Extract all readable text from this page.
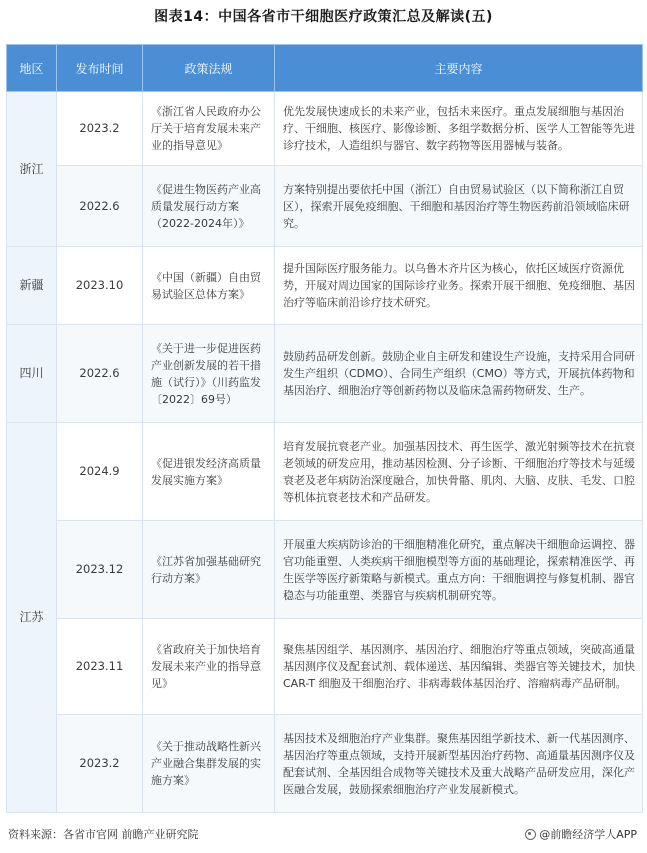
图表14：中国各省市干细胞医疗政策汇总及解读(五)
地区	发布时间	政策法规	主要内容
浙江	2023.2	《浙江省人民政府办公厅关于培育发展未来产业的指导意见》	优先发展快速成长的未来产业，包括未来医疗。重点发展细胞与基因治疗、干细胞、核医疗、影像诊断、多组学数据分析、医学人工智能等先进诊疗技术，人造组织与器官、数字药物等医用器械与装备。
	2022.6	《促进生物医药产业高质量发展行动方案（2022-2024年）》	方案特别提出要依托中国（浙江）自由贸易试验区（以下简称浙江自贸区），探索开展免疫细胞、干细胞和基因治疗等生物医药前沿领域临床研究。
新疆	2023.10	《中国（新疆）自由贸易试验区总体方案》	提升国际医疗服务能力。以乌鲁木齐片区为核心，依托区域医疗资源优势，开展对周边国家的国际诊疗业务。探索开展干细胞、免疫细胞、基因治疗等临床前沿诊疗技术研究。
四川	2022.6	《关于进一步促进医药产业创新发展的若干措施（试行）》（川药监发〔2022〕69号）	鼓励药品研发创新。鼓励企业自主研发和建设生产设施，支持采用合同研发生产组织（CDMO）、合同生产组织（CMO）等方式，开展抗体药物和基因治疗、细胞治疗等创新药物以及临床急需药物研发、生产。
江苏	2024.9	《促进银发经济高质量发展实施方案》	培育发展抗衰老产业。加强基因技术、再生医学、激光射频等技术在抗衰老领域的研发应用，推动基因检测、分子诊断、干细胞治疗等技术与延缓衰老及老年病防治深度融合，加快骨骼、肌肉、大脑、皮肤、毛发、口腔等机体抗衰老技术和产品研发。
	2023.12	《江苏省加强基础研究行动方案》	开展重大疾病防诊治的干细胞精准化研究，重点解决干细胞命运调控、器官功能重塑、人类疾病干细胞模型等方面的基础理论，探索精准医学、再生医学等医疗新策略与新模式。重点方向：干细胞调控与修复机制、器官稳态与功能重塑、类器官与疾病机制研究等。
	2023.11	《省政府关于加快培育发展未来产业的指导意见》	聚焦基因组学、基因测序、基因治疗、细胞治疗等重点领域，突破高通量基因测序仪及配套试剂、载体递送、基因编辑、类器官等关键技术，加快 CAR-T 细胞及干细胞治疗、非病毒载体基因治疗、溶瘤病毒产品研制。
	2023.2	《关于推动战略性新兴产业融合集群发展的实施方案》	基因技术及细胞治疗产业集群。聚焦基因组学新技术、新一代基因测序、基因治疗等重点领域，支持开展新型基因治疗药物、高通量基因测序仪及配套试剂、全基因组合成物等关键技术及重大战略产品研发应用，深化产医融合发展，鼓励探索细胞治疗产业发展新模式。
资料来源：各省市官网 前瞻产业研究院	@前瞻经济学人APP
